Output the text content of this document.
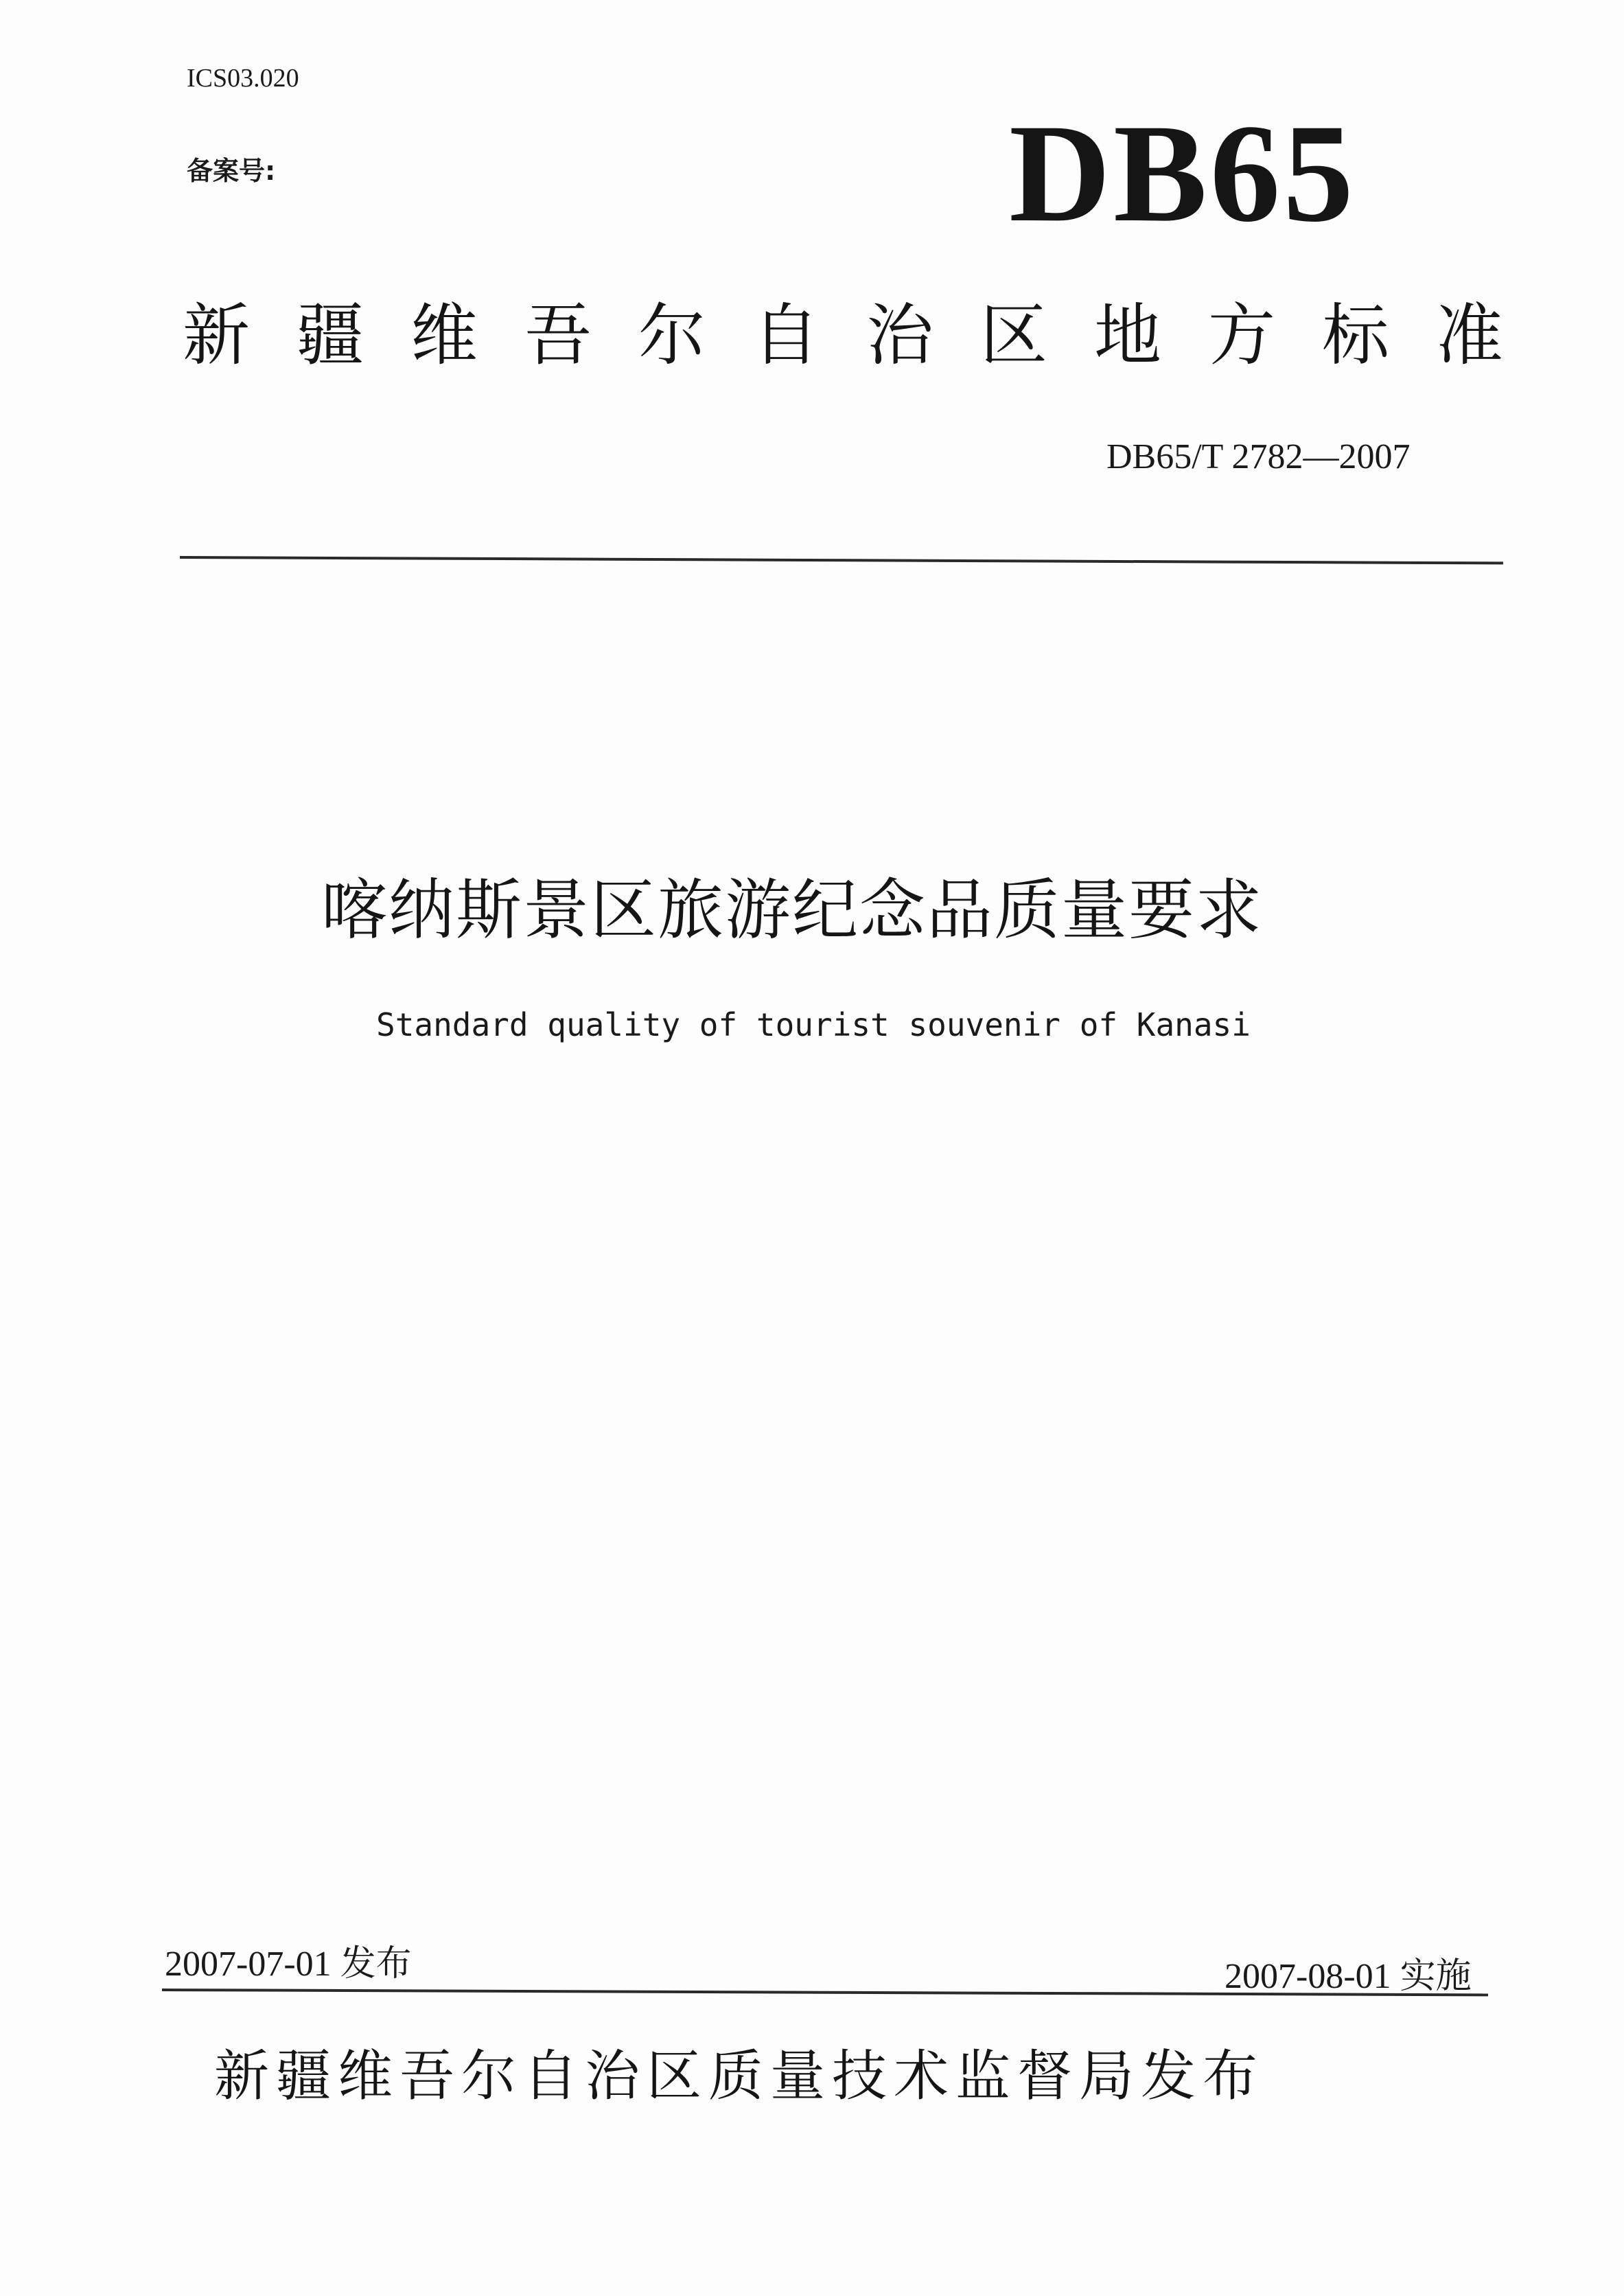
ICS03.020

备案号:	DB65

新疆维吾尔自治区地方标准

DB65/T 2782—2007

喀纳斯景区旅游纪念品质量要求

Standard quality of tourist souvenir of Kanasi

2007-07-01 发布	2007-08-01 实施

新疆维吾尔自治区质量技术监督局发布
